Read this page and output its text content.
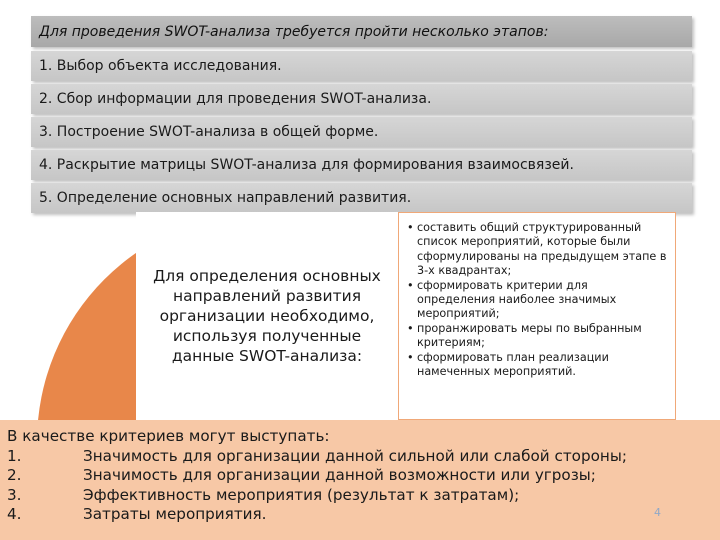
Для проведения SWOT-анализа требуется пройти несколько этапов:
1. Выбор объекта исследования.
2. Сбор информации для проведения SWOT-анализа.
3. Построение SWOT-анализа в общей форме.
4. Раскрытие матрицы SWOT-анализа для формирования взаимосвязей.
5. Определение основных направлений развития.
Для определения основных направлений развития организации необходимо, используя полученные данные SWOT-анализа:
• составить общий структурированный список мероприятий, которые были сформулированы на предыдущем этапе в 3-х квадрантах;
• сформировать критерии для определения наиболее значимых мероприятий;
• проранжировать меры по выбранным критериям;
• сформировать план реализации намеченных мероприятий.
В качестве критериев могут выступать:
1.	Значимость для организации данной сильной или слабой стороны;
2.	Значимость для организации данной возможности или угрозы;
3.	Эффективность мероприятия (результат к затратам);
4.	Затраты мероприятия.	4
